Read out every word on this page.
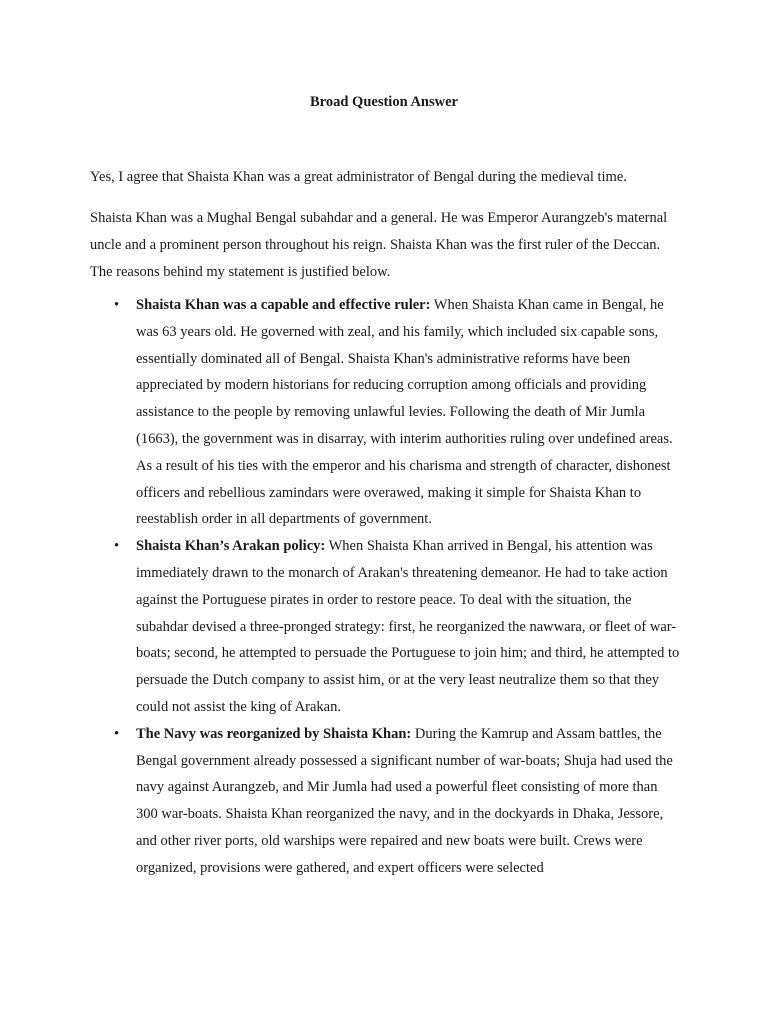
Broad Question Answer

Yes, I agree that Shaista Khan was a great administrator of Bengal during the medieval time.

Shaista Khan was a Mughal Bengal subahdar and a general. He was Emperor Aurangzeb's maternal uncle and a prominent person throughout his reign. Shaista Khan was the first ruler of the Deccan. The reasons behind my statement is justified below.

• Shaista Khan was a capable and effective ruler: When Shaista Khan came in Bengal, he was 63 years old. He governed with zeal, and his family, which included six capable sons, essentially dominated all of Bengal. Shaista Khan's administrative reforms have been appreciated by modern historians for reducing corruption among officials and providing assistance to the people by removing unlawful levies. Following the death of Mir Jumla (1663), the government was in disarray, with interim authorities ruling over undefined areas. As a result of his ties with the emperor and his charisma and strength of character, dishonest officers and rebellious zamindars were overawed, making it simple for Shaista Khan to reestablish order in all departments of government.
• Shaista Khan’s Arakan policy: When Shaista Khan arrived in Bengal, his attention was immediately drawn to the monarch of Arakan's threatening demeanor. He had to take action against the Portuguese pirates in order to restore peace. To deal with the situation, the subahdar devised a three-pronged strategy: first, he reorganized the nawwara, or fleet of war-boats; second, he attempted to persuade the Portuguese to join him; and third, he attempted to persuade the Dutch company to assist him, or at the very least neutralize them so that they could not assist the king of Arakan.
• The Navy was reorganized by Shaista Khan: During the Kamrup and Assam battles, the Bengal government already possessed a significant number of war-boats; Shuja had used the navy against Aurangzeb, and Mir Jumla had used a powerful fleet consisting of more than 300 war-boats. Shaista Khan reorganized the navy, and in the dockyards in Dhaka, Jessore, and other river ports, old warships were repaired and new boats were built. Crews were organized, provisions were gathered, and expert officers were selected
